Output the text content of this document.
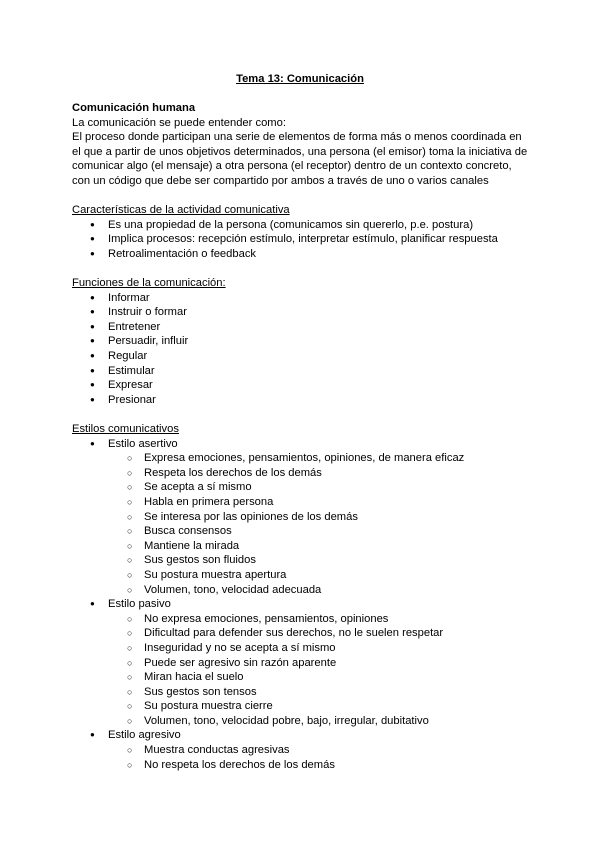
Tema 13: Comunicación

Comunicación humana

La comunicación se puede entender como:

El proceso donde participan una serie de elementos de forma más o menos coordinada en el que a partir de unos objetivos determinados, una persona (el emisor) toma la iniciativa de comunicar algo (el mensaje) a otra persona (el receptor) dentro de un contexto concreto, con un código que debe ser compartido por ambos a través de uno o varios canales

Características de la actividad comunicativa
● Es una propiedad de la persona (comunicamos sin quererlo, p.e. postura)
● Implica procesos: recepción estímulo, interpretar estímulo, planificar respuesta
● Retroalimentación o feedback
Funciones de la comunicación:
● Informar
● Instruir o formar
● Entretener
● Persuadir, influir
● Regular
● Estimular
● Expresar
● Presionar
Estilos comunicativos
● Estilo asertivo
○ Expresa emociones, pensamientos, opiniones, de manera eficaz
○ Respeta los derechos de los demás
○ Se acepta a sí mismo
○ Habla en primera persona
○ Se interesa por las opiniones de los demás
○ Busca consensos
○ Mantiene la mirada
○ Sus gestos son fluidos
○ Su postura muestra apertura
○ Volumen, tono, velocidad adecuada
● Estilo pasivo
○ No expresa emociones, pensamientos, opiniones
○ Dificultad para defender sus derechos, no le suelen respetar
○ Inseguridad y no se acepta a sí mismo
○ Puede ser agresivo sin razón aparente
○ Miran hacia el suelo
○ Sus gestos son tensos
○ Su postura muestra cierre
○ Volumen, tono, velocidad pobre, bajo, irregular, dubitativo
● Estilo agresivo
○ Muestra conductas agresivas
○ No respeta los derechos de los demás
